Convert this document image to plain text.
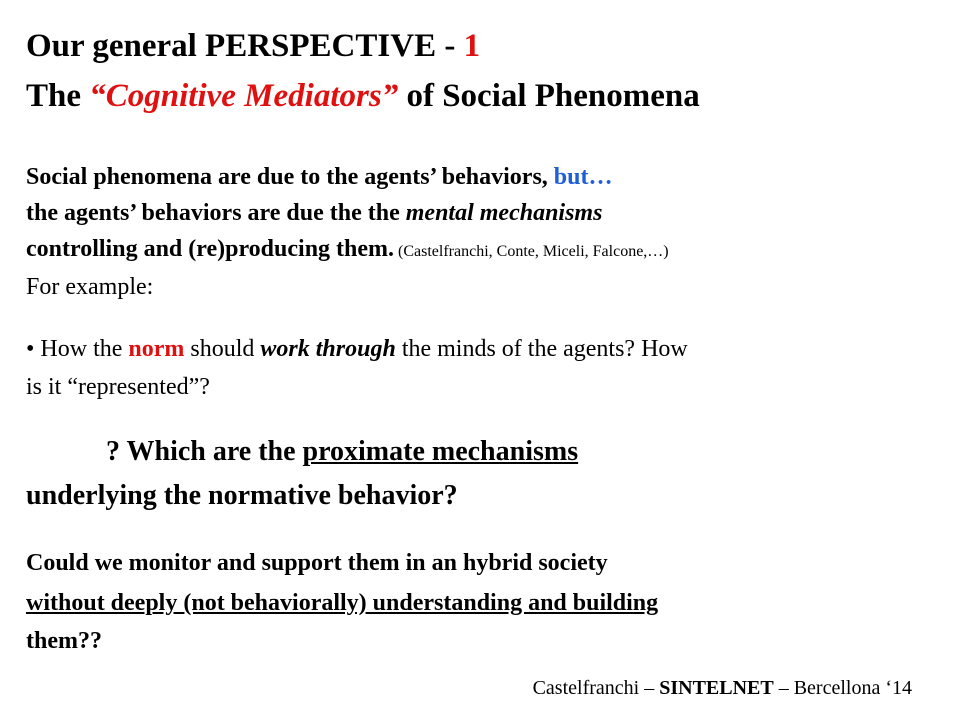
Our general PERSPECTIVE - 1
The “Cognitive Mediators” of Social Phenomena
Social phenomena are due to the agents’ behaviors, but…
the agents’ behaviors are due the the mental mechanisms
controlling and (re)producing them. (Castelfranchi, Conte, Miceli, Falcone,…)
For example:
• How the norm should work through the minds of the agents? How
is it “represented”?
? Which are the proximate mechanisms
underlying the normative behavior?
Could we monitor and support them in an hybrid society
without deeply (not behaviorally) understanding and building
them??
Castelfranchi – SINTELNET – Bercellona ‘14
